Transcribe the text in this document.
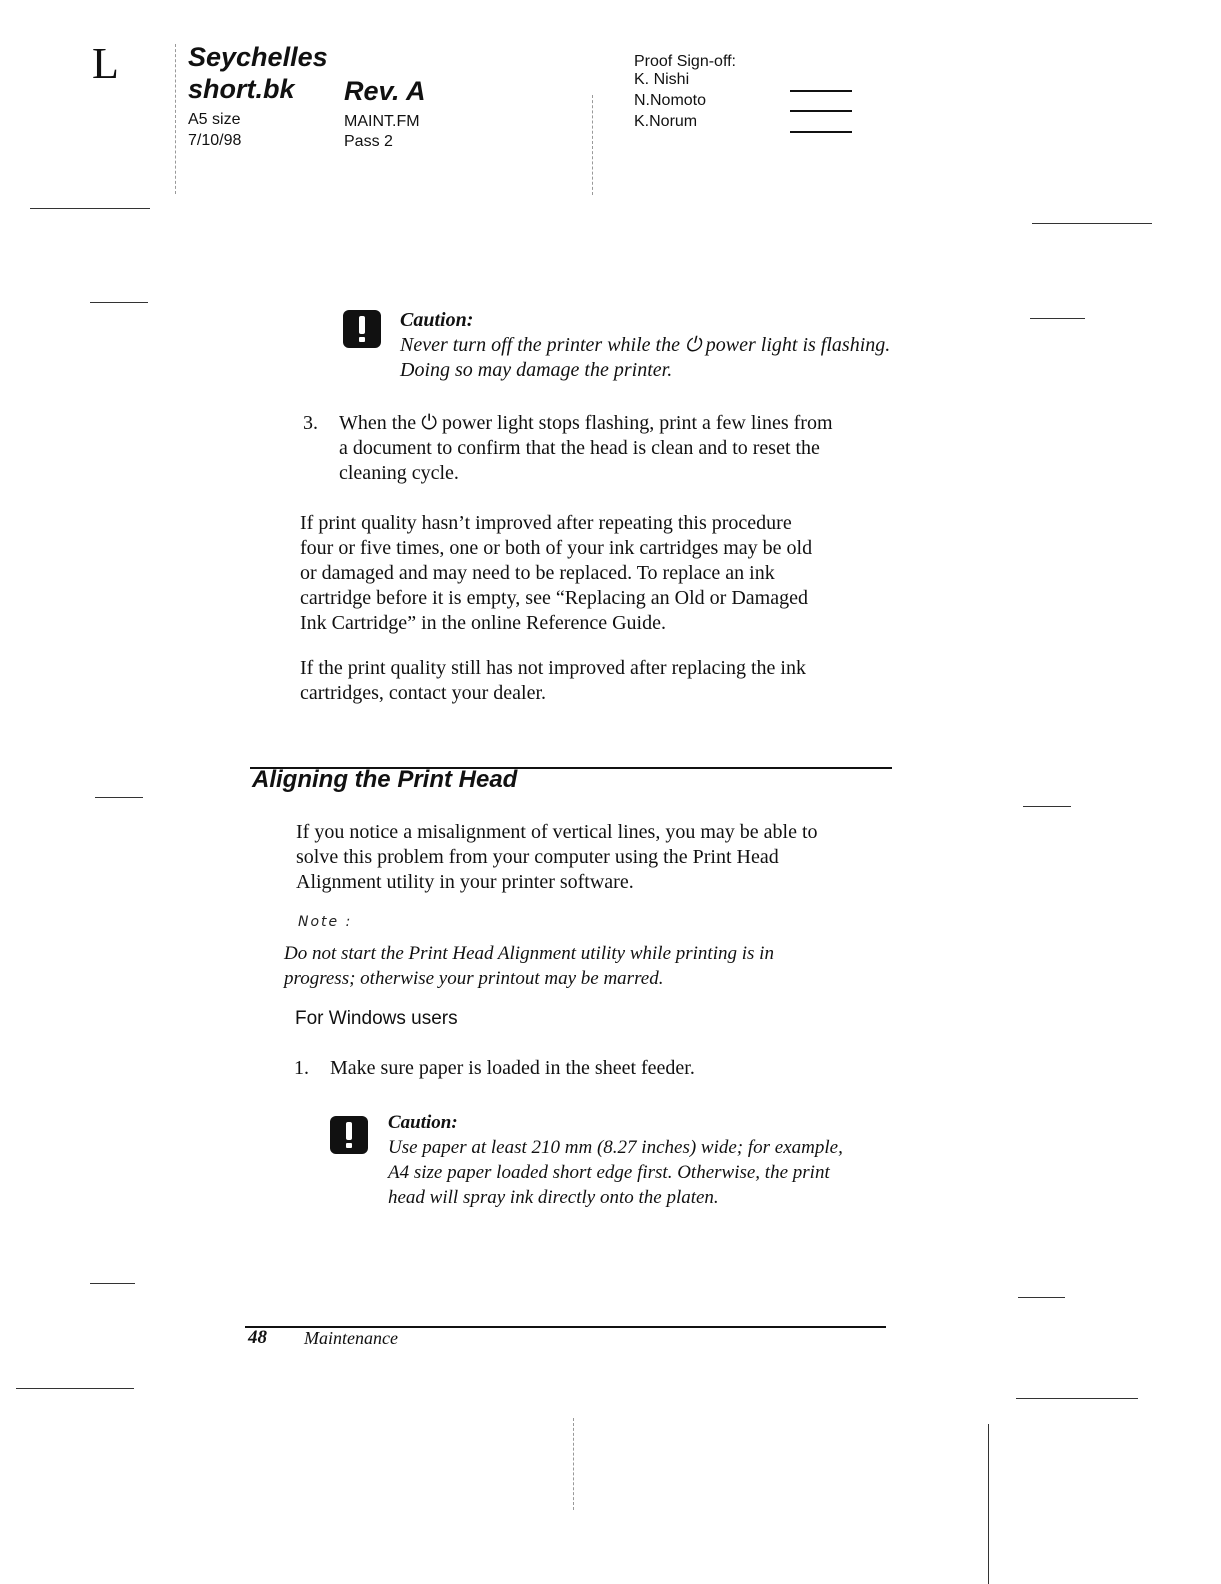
L	Seychelles
short.bk Rev. A
A5 size
7/10/98
MAINT.FM
Pass 2
Proof Sign-off:
K. Nishi
N.Nomoto
K.Norum
Caution:
Never turn off the printer while the ⏻ power light is flashing.
Doing so may damage the printer.
3. When the ⏻ power light stops flashing, print a few lines from
a document to confirm that the head is clean and to reset the
cleaning cycle.
If print quality hasn’t improved after repeating this procedure
four or five times, one or both of your ink cartridges may be old
or damaged and may need to be replaced. To replace an ink
cartridge before it is empty, see “Replacing an Old or Damaged
Ink Cartridge” in the online Reference Guide.
If the print quality still has not improved after replacing the ink
cartridges, contact your dealer.
Aligning the Print Head
If you notice a misalignment of vertical lines, you may be able to
solve this problem from your computer using the Print Head
Alignment utility in your printer software.
Note :
Do not start the Print Head Alignment utility while printing is in
progress; otherwise your printout may be marred.
For Windows users
1. Make sure paper is loaded in the sheet feeder.
Caution:
Use paper at least 210 mm (8.27 inches) wide; for example,
A4 size paper loaded short edge first. Otherwise, the print
head will spray ink directly onto the platen.
48 Maintenance
